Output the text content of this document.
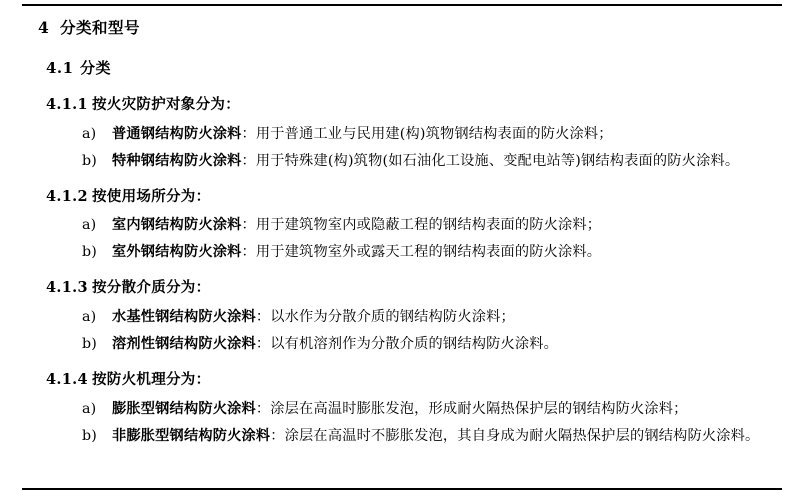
4 分类和型号
4.1 分类
4.1.1 按火灾防护对象分为：
a)	普通钢结构防火涂料：用于普通工业与民用建(构)筑物钢结构表面的防火涂料；
b)	特种钢结构防火涂料：用于特殊建(构)筑物(如石油化工设施、变配电站等)钢结构表面的防火涂料。
4.1.2 按使用场所分为：
a)	室内钢结构防火涂料：用于建筑物室内或隐蔽工程的钢结构表面的防火涂料；
b)	室外钢结构防火涂料：用于建筑物室外或露天工程的钢结构表面的防火涂料。
4.1.3 按分散介质分为：
a)	水基性钢结构防火涂料：以水作为分散介质的钢结构防火涂料；
b)	溶剂性钢结构防火涂料：以有机溶剂作为分散介质的钢结构防火涂料。
4.1.4 按防火机理分为：
a)	膨胀型钢结构防火涂料：涂层在高温时膨胀发泡，形成耐火隔热保护层的钢结构防火涂料；
b)	非膨胀型钢结构防火涂料：涂层在高温时不膨胀发泡，其自身成为耐火隔热保护层的钢结构防火涂料。
